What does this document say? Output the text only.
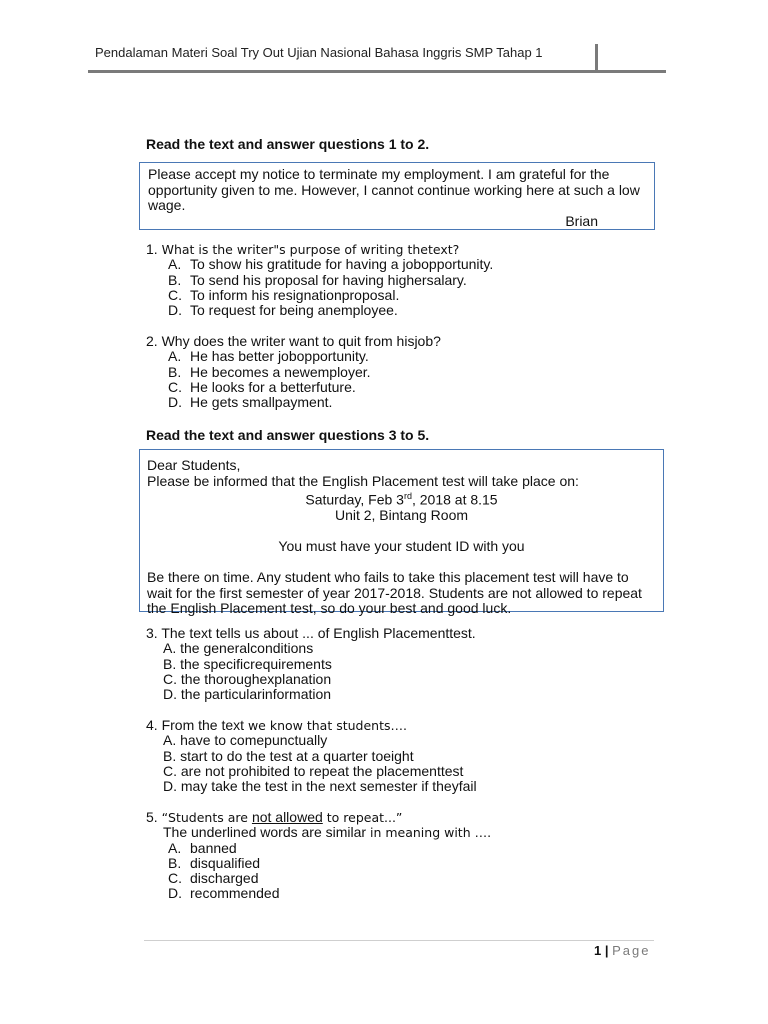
Pendalaman Materi Soal Try Out Ujian Nasional Bahasa Inggris SMP Tahap 1
Read the text and answer questions 1 to 2.
Please accept my notice to terminate my employment. I am grateful for the
opportunity given to me. However, I cannot continue working here at such a low
wage.
Brian
1. What is the writer"s purpose of writing thetext?
A. To show his gratitude for having a jobopportunity.
B. To send his proposal for having highersalary.
C. To inform his resignationproposal.
D. To request for being anemployee.
2. Why does the writer want to quit from hisjob?
A. He has better jobopportunity.
B. He becomes a newemployer.
C. He looks for a betterfuture.
D. He gets smallpayment.
Read the text and answer questions 3 to 5.
Dear Students,
Please be informed that the English Placement test will take place on:
Saturday, Feb 3rd, 2018 at 8.15
Unit 2, Bintang Room
You must have your student ID with you
Be there on time. Any student who fails to take this placement test will have to
wait for the first semester of year 2017-2018. Students are not allowed to repeat
the English Placement test, so do your best and good luck.
3. The text tells us about ... of English Placementtest.
A. the generalconditions
B. the specificrequirements
C. the thoroughexplanation
D. the particularinformation
4. From the text we know that students….
A. have to comepunctually
B. start to do the test at a quarter toeight
C. are not prohibited to repeat the placementtest
D. may take the test in the next semester if theyfail
5. “Students are not allowed to repeat...”
The underlined words are similar in meaning with ….
A. banned
B. disqualified
C. discharged
D. recommended
1 | Page
